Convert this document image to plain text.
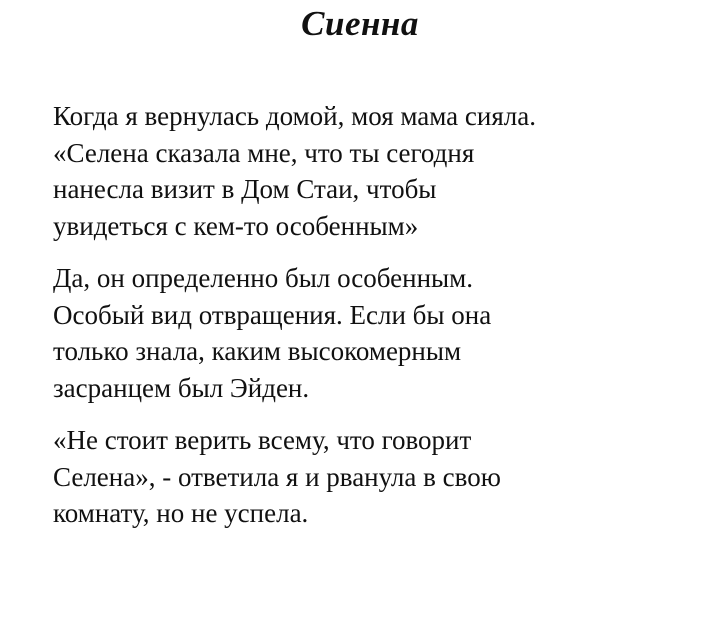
Сиенна

Когда я вернулась домой, моя мама сияла.
«Селена сказала мне, что ты сегодня
нанесла визит в Дом Стаи, чтобы
увидеться с кем-то особенным»

Да, он определенно был особенным.
Особый вид отвращения. Если бы она
только знала, каким высокомерным
засранцем был Эйден.

«Не стоит верить всему, что говорит
Селена», - ответила я и рванула в свою
комнату, но не успела.
